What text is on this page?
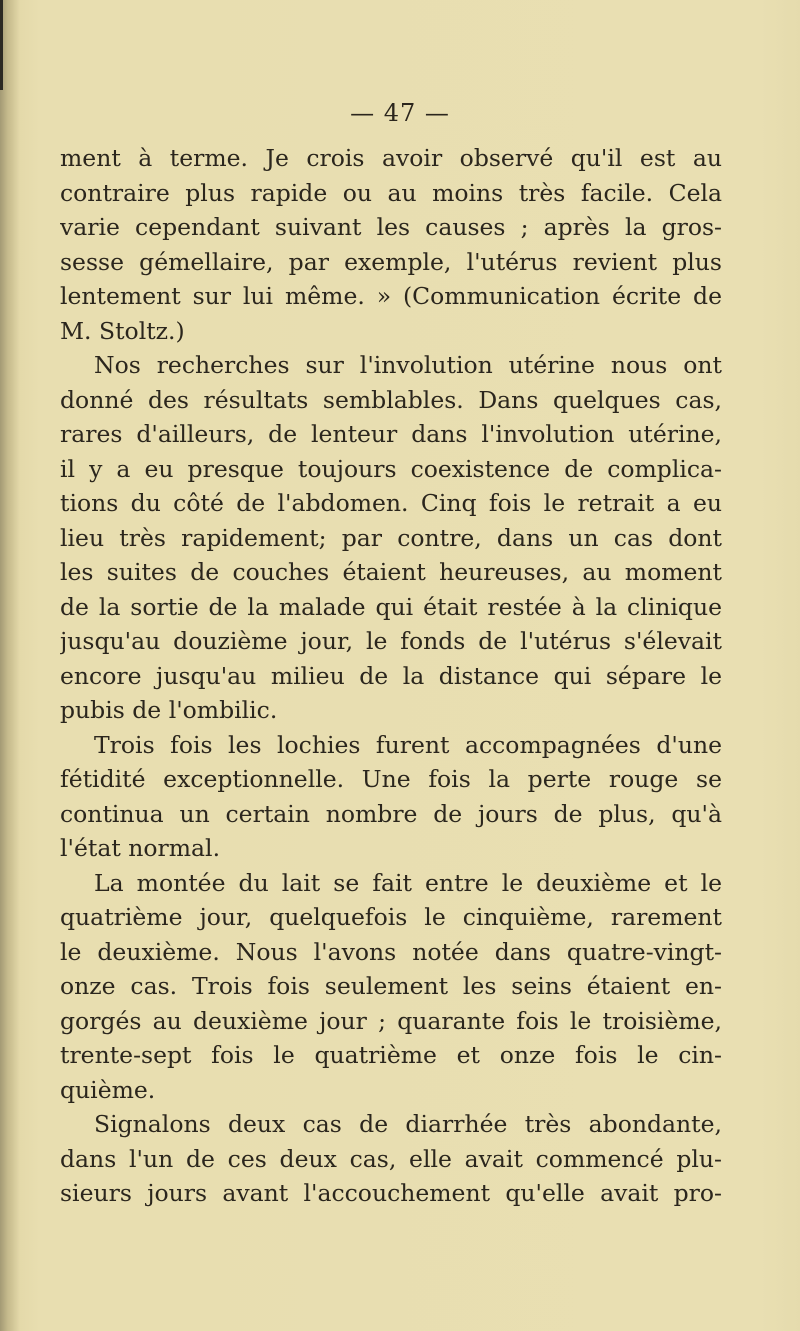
— 47 —
ment à terme. Je crois avoir observé qu'il est au
contraire plus rapide ou au moins très facile. Cela
varie cependant suivant les causes ; après la gros-
sesse gémellaire, par exemple, l'utérus revient plus
lentement sur lui même. » (Communication écrite de
M. Stoltz.)
Nos recherches sur l'involution utérine nous ont
donné des résultats semblables. Dans quelques cas,
rares d'ailleurs, de lenteur dans l'involution utérine,
il y a eu presque toujours coexistence de complica-
tions du côté de l'abdomen. Cinq fois le retrait a eu
lieu très rapidement; par contre, dans un cas dont
les suites de couches étaient heureuses, au moment
de la sortie de la malade qui était restée à la clinique
jusqu'au douzième jour, le fonds de l'utérus s'élevait
encore jusqu'au milieu de la distance qui sépare le
pubis de l'ombilic.
Trois fois les lochies furent accompagnées d'une
fétidité exceptionnelle. Une fois la perte rouge se
continua un certain nombre de jours de plus, qu'à
l'état normal.
La montée du lait se fait entre le deuxième et le
quatrième jour, quelquefois le cinquième, rarement
le deuxième. Nous l'avons notée dans quatre-vingt-
onze cas. Trois fois seulement les seins étaient en-
gorgés au deuxième jour ; quarante fois le troisième,
trente-sept fois le quatrième et onze fois le cin-
quième.
Signalons deux cas de diarrhée très abondante,
dans l'un de ces deux cas, elle avait commencé plu-
sieurs jours avant l'accouchement qu'elle avait pro-
